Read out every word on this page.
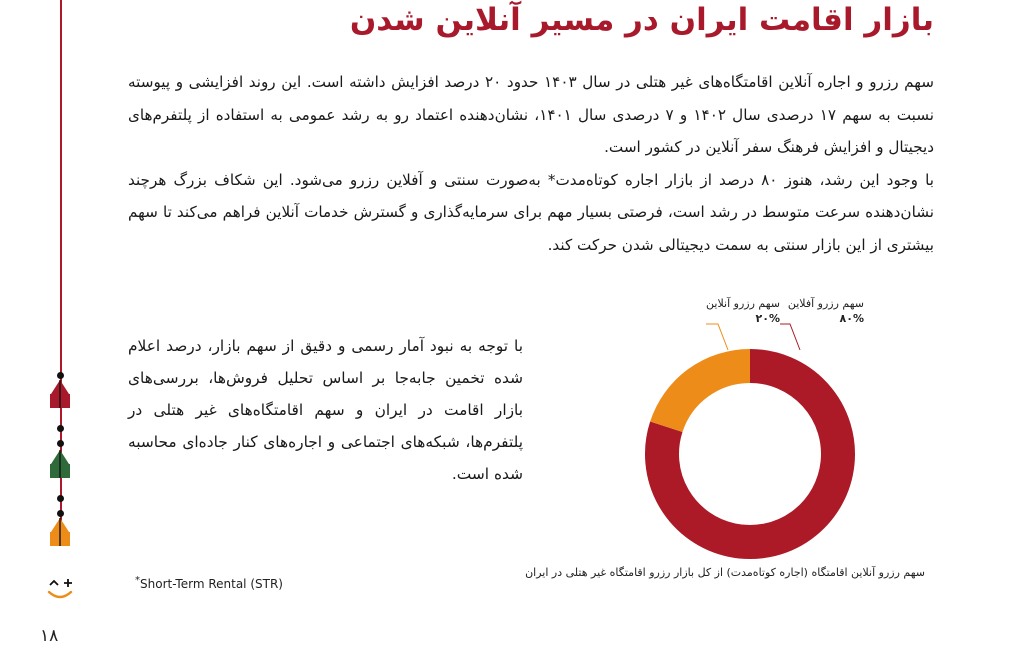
۱۸
بازار اقامت ایران در مسیر آنلاین شدن
سهم رزرو و اجاره آنلاین اقامتگاه‌های غیر هتلی در سال ۱۴۰۳ حدود ۲۰ درصد افزایش داشته است. این روند افزایشی و پیوسته نسبت به سهم ۱۷ درصدی سال ۱۴۰۲ و ۷ درصدی سال ۱۴۰۱، نشان‌دهنده اعتماد رو به رشد عمومی به استفاده از پلتفرم‌های دیجیتال و افزایش فرهنگ سفر آنلاین در کشور است.
با وجود این رشد، هنوز ۸۰ درصد از بازار اجاره کوتاه‌مدت* به‌صورت سنتی و آفلاین رزرو می‌شود. این شکاف بزرگ هرچند نشان‌دهنده سرعت متوسط در رشد است، فرصتی بسیار مهم برای سرمایه‌گذاری و گسترش خدمات آنلاین فراهم می‌کند تا سهم بیشتری از این بازار سنتی به سمت دیجیتالی شدن حرکت کند.

با توجه به نبود آمار رسمی و دقیق از سهم بازار، درصد اعلام شده تخمین جابه‌جا بر اساس تحلیل فروش‌ها، بررسی‌های بازار اقامت در ایران و سهم اقامتگاه‌های غیر هتلی در پلتفرم‌ها، شبکه‌های اجتماعی و اجاره‌های کنار جاده‌ای محاسبه شده است.

*Short-Term Rental (STR)
سهم رزرو آنلاین
۲۰%
سهم رزرو آفلاین
۸۰%
سهم رزرو آنلاین اقامتگاه (اجاره کوتاه‌مدت) از کل بازار رزرو اقامتگاه غیر هتلی در ایران
